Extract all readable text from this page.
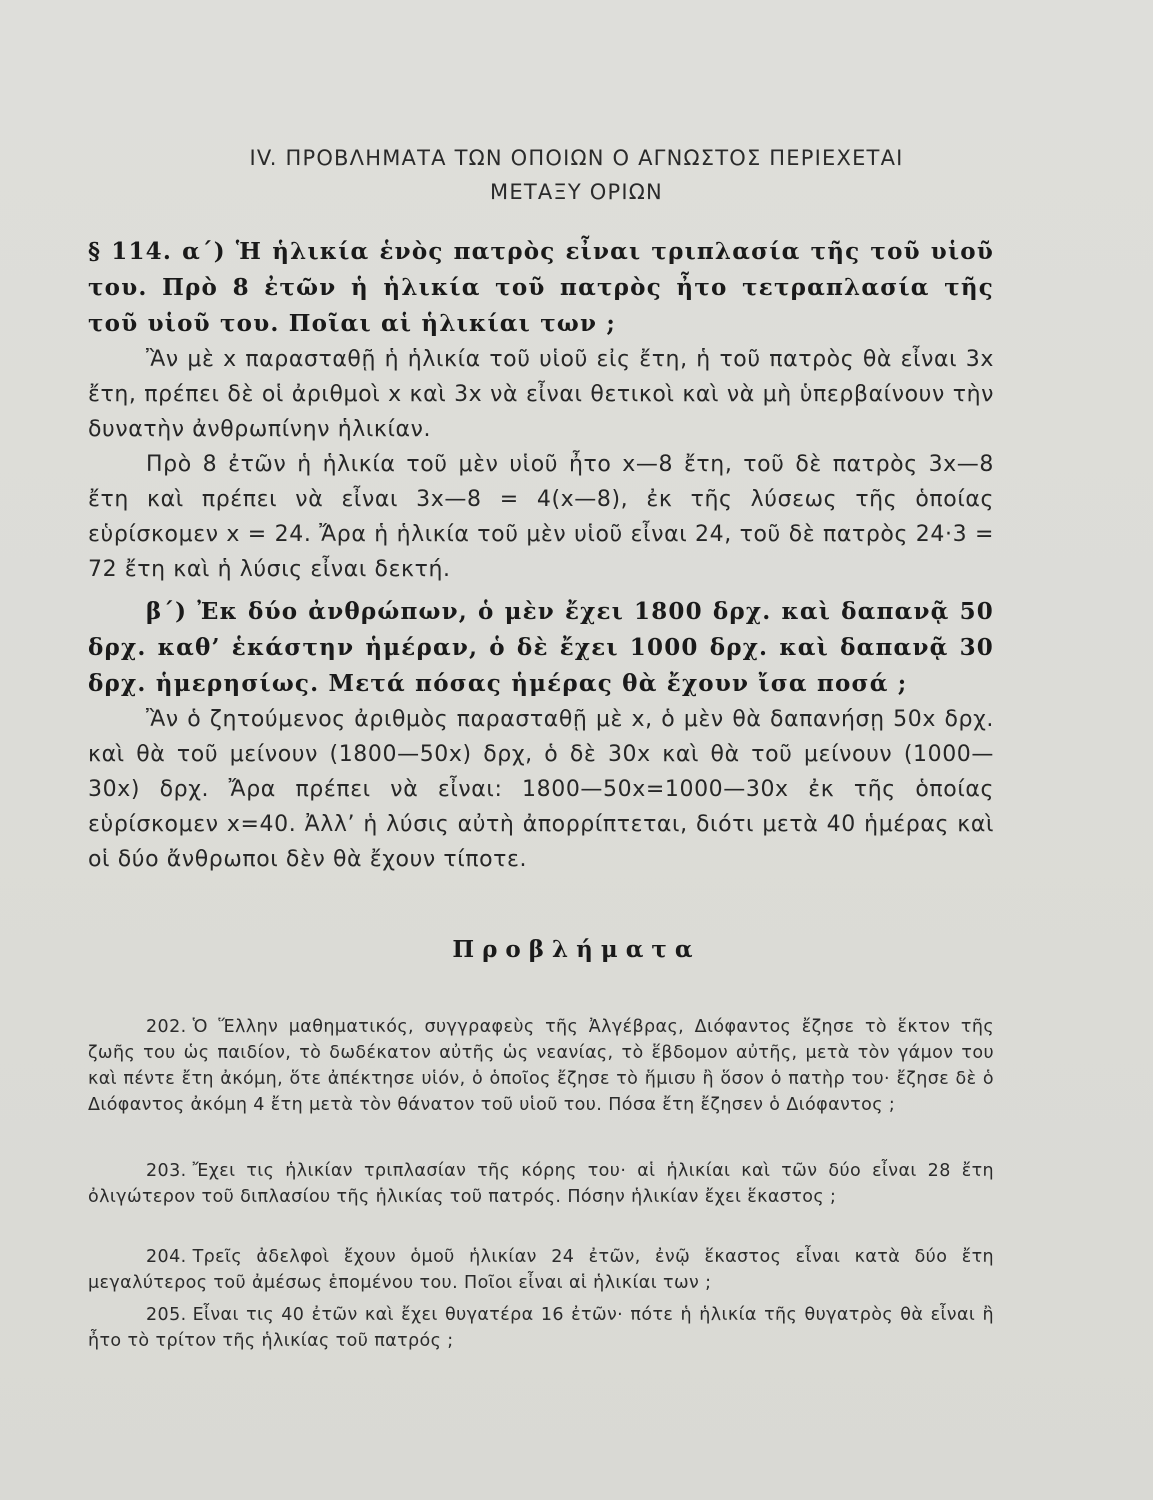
IV. ΠΡΟΒΛΗΜΑΤΑ ΤΩΝ ΟΠΟΙΩΝ Ο ΑΓΝΩΣΤΟΣ ΠΕΡΙΕΧΕΤΑΙ

ΜΕΤΑΞΥ ΟΡΙΩΝ

§ 114. α΄) Ἡ ἡλικία ἑνὸς πατρὸς εἶναι τριπλασία τῆς τοῦ υἱοῦ του. Πρὸ 8 ἐτῶν ἡ ἡλικία τοῦ πατρὸς ἦτο τετραπλασία τῆς τοῦ υἱοῦ του. Ποῖαι αἱ ἡλικίαι των ;

Ἂν μὲ x παρασταθῇ ἡ ἡλικία τοῦ υἱοῦ εἰς ἔτη, ἡ τοῦ πατρὸς θὰ εἶναι 3x ἔτη, πρέπει δὲ οἱ ἀριθμοὶ x καὶ 3x νὰ εἶναι θετικοὶ καὶ νὰ μὴ ὑπερβαίνουν τὴν δυνατὴν ἀνθρωπίνην ἡλικίαν.

Πρὸ 8 ἐτῶν ἡ ἡλικία τοῦ μὲν υἱοῦ ἦτο x—8 ἔτη, τοῦ δὲ πατρὸς 3x—8 ἔτη καὶ πρέπει νὰ εἶναι 3x—8 = 4(x—8), ἐκ τῆς λύσεως τῆς ὁποίας εὑρίσκομεν x = 24. Ἄρα ἡ ἡλικία τοῦ μὲν υἱοῦ εἶναι 24, τοῦ δὲ πατρὸς 24·3 = 72 ἔτη καὶ ἡ λύσις εἶναι δεκτή.

β΄) Ἐκ δύο ἀνθρώπων, ὁ μὲν ἔχει 1800 δρχ. καὶ δαπανᾷ 50 δρχ. καθ’ ἑκάστην ἡμέραν, ὁ δὲ ἔχει 1000 δρχ. καὶ δαπανᾷ 30 δρχ. ἡμερησίως. Μετά πόσας ἡμέρας θὰ ἔχουν ἴσα ποσά ;

Ἂν ὁ ζητούμενος ἀριθμὸς παρασταθῇ μὲ x, ὁ μὲν θὰ δαπανήσῃ 50x δρχ. καὶ θὰ τοῦ μείνουν (1800—50x) δρχ, ὁ δὲ 30x καὶ θὰ τοῦ μείνουν (1000—30x) δρχ. Ἄρα πρέπει νὰ εἶναι: 1800—50x=1000—30x ἐκ τῆς ὁποίας εὑρίσκομεν x=40. Ἀλλ’ ἡ λύσις αὐτὴ ἀπορρίπτεται, διότι μετὰ 40 ἡμέρας καὶ οἱ δύο ἄνθρωποι δὲν θὰ ἔχουν τίποτε.

Προβλήματα

202. Ὁ Ἕλλην μαθηματικός, συγγραφεὺς τῆς Ἀλγέβρας, Διόφαντος ἔζησε τὸ ἕκτον τῆς ζωῆς του ὡς παιδίον, τὸ δωδέκατον αὐτῆς ὡς νεανίας, τὸ ἕβδομον αὐτῆς, μετὰ τὸν γάμον του καὶ πέντε ἔτη ἀκόμη, ὅτε ἀπέκτησε υἱόν, ὁ ὁποῖος ἔζησε τὸ ἥμισυ ἢ ὅσον ὁ πατὴρ του· ἔζησε δὲ ὁ Διόφαντος ἀκόμη 4 ἔτη μετὰ τὸν θάνατον τοῦ υἱοῦ του. Πόσα ἔτη ἔζησεν ὁ Διόφαντος ;

203. Ἔχει τις ἡλικίαν τριπλασίαν τῆς κόρης του· αἱ ἡλικίαι καὶ τῶν δύο εἶναι 28 ἔτη ὀλιγώτερον τοῦ διπλασίου τῆς ἡλικίας τοῦ πατρός. Πόσην ἡλικίαν ἔχει ἕκαστος ;

204. Τρεῖς ἀδελφοὶ ἔχουν ὁμοῦ ἡλικίαν 24 ἐτῶν, ἐνῷ ἕκαστος εἶναι κατὰ δύο ἔτη μεγαλύτερος τοῦ ἀμέσως ἑπομένου του. Ποῖοι εἶναι αἱ ἡλικίαι των ;

205. Εἶναι τις 40 ἐτῶν καὶ ἔχει θυγατέρα 16 ἐτῶν· πότε ἡ ἡλικία τῆς θυγατρὸς θὰ εἶναι ἢ ἦτο τὸ τρίτον τῆς ἡλικίας τοῦ πατρός ;
